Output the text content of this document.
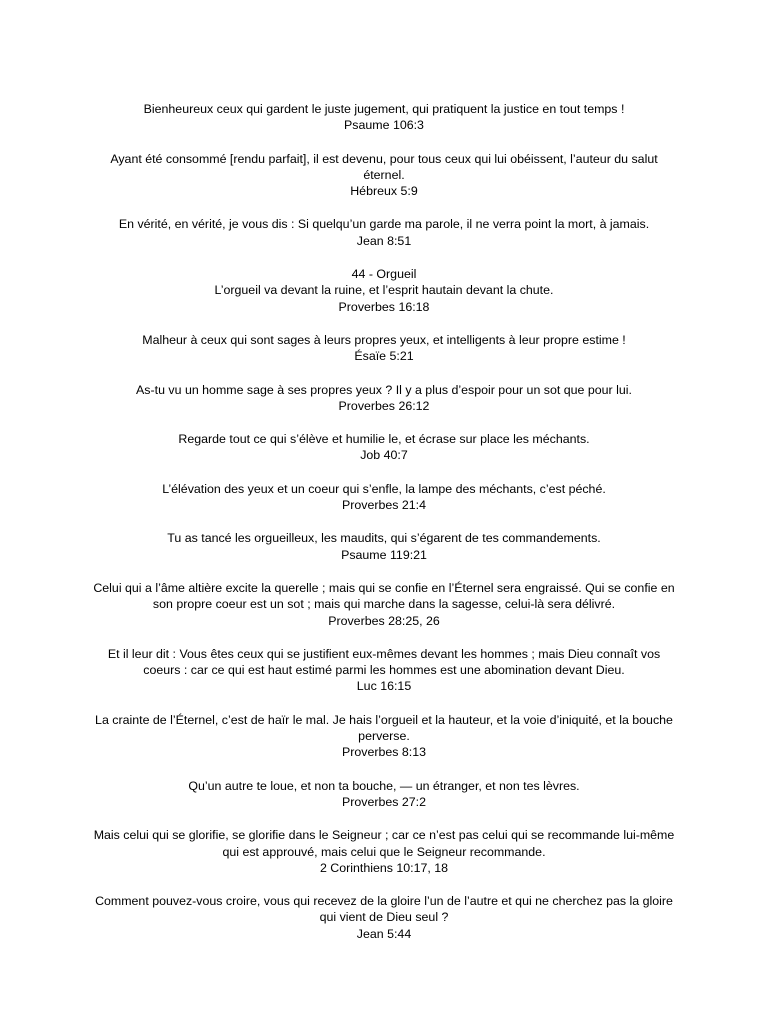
Bienheureux ceux qui gardent le juste jugement, qui pratiquent la justice en tout temps !

Psaume 106:3

Ayant été consommé [rendu parfait], il est devenu, pour tous ceux qui lui obéissent, l’auteur du salut éternel.

Hébreux 5:9

En vérité, en vérité, je vous dis : Si quelqu’un garde ma parole, il ne verra point la mort, à jamais.

Jean 8:51

44 - Orgueil

L’orgueil va devant la ruine, et l’esprit hautain devant la chute.

Proverbes 16:18

Malheur à ceux qui sont sages à leurs propres yeux, et intelligents à leur propre estime !

Ésaïe 5:21

As-tu vu un homme sage à ses propres yeux ? Il y a plus d’espoir pour un sot que pour lui.

Proverbes 26:12

Regarde tout ce qui s’élève et humilie le, et écrase sur place les méchants.

Job 40:7

L’élévation des yeux et un coeur qui s’enfle, la lampe des méchants, c’est péché.

Proverbes 21:4

Tu as tancé les orgueilleux, les maudits, qui s’égarent de tes commandements.

Psaume 119:21

Celui qui a l’âme altière excite la querelle ; mais qui se confie en l’Éternel sera engraissé. Qui se confie en son propre coeur est un sot ; mais qui marche dans la sagesse, celui-là sera délivré.

Proverbes 28:25, 26

Et il leur dit : Vous êtes ceux qui se justifient eux-mêmes devant les hommes ; mais Dieu connaît vos coeurs : car ce qui est haut estimé parmi les hommes est une abomination devant Dieu.

Luc 16:15

La crainte de l’Éternel, c’est de haïr le mal. Je hais l’orgueil et la hauteur, et la voie d’iniquité, et la bouche perverse.

Proverbes 8:13

Qu’un autre te loue, et non ta bouche, — un étranger, et non tes lèvres.

Proverbes 27:2

Mais celui qui se glorifie, se glorifie dans le Seigneur ; car ce n’est pas celui qui se recommande lui-même qui est approuvé, mais celui que le Seigneur recommande.

2 Corinthiens 10:17, 18

Comment pouvez-vous croire, vous qui recevez de la gloire l’un de l’autre et qui ne cherchez pas la gloire qui vient de Dieu seul ?

Jean 5:44
